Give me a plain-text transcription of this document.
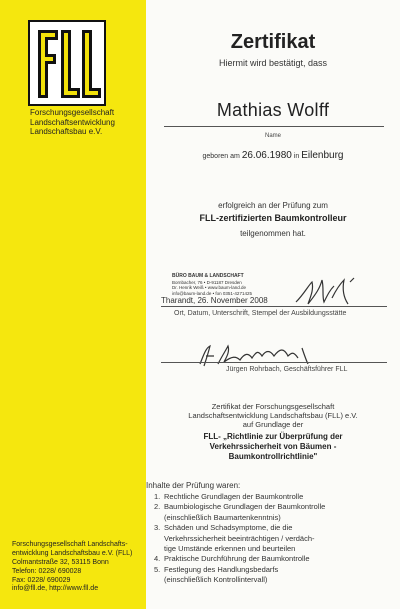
Forschungsgesellschaft
Landschaftsentwicklung
Landschaftsbau e.V.
Forschungsgesellschaft Landschafts-
entwicklung Landschaftsbau e.V. (FLL)
Colmantstraße 32, 53115 Bonn
Telefon: 0228/ 690028
Fax: 0228/ 690029
info@fll.de, http://www.fll.de
Zertifikat
Hiermit wird bestätigt, dass
Mathias Wolff
Name
geboren am 26.06.1980 in Eilenburg
erfolgreich an der Prüfung zum
FLL-zertifizierten Baumkontrolleur
teilgenommen hat.
BÜRO BAUM & LANDSCHAFT
Bornbacher, 76 • D-91187 Dresden
Dr. Henrik Weiß • www.baum-land.de
info@baum-land.de • fon 0351-4271425
Tharandt, 26. November 2008
Ort, Datum, Unterschrift, Stempel der Ausbildungsstätte
Jürgen Rohrbach, Geschäftsführer FLL
Zertifikat der Forschungsgesellschaft
Landschaftsentwicklung Landschaftsbau (FLL) e.V.
auf Grundlage der
FLL- „Richtlinie zur Überprüfung der
Verkehrssicherheit von Bäumen -
Baumkontrollrichtlinie"
Inhalte der Prüfung waren:
1. Rechtliche Grundlagen der Baumkontrolle
2. Baumbiologische Grundlagen der Baumkontrolle
(einschließlich Baumartenkenntnis)
3. Schäden und Schadsymptome, die die
Verkehrssicherheit beeinträchtigen / verdäch-
tige Umstände erkennen und beurteilen
4. Praktische Durchführung der Baumkontrolle
5. Festlegung des Handlungsbedarfs
(einschließlich Kontrollintervall)
